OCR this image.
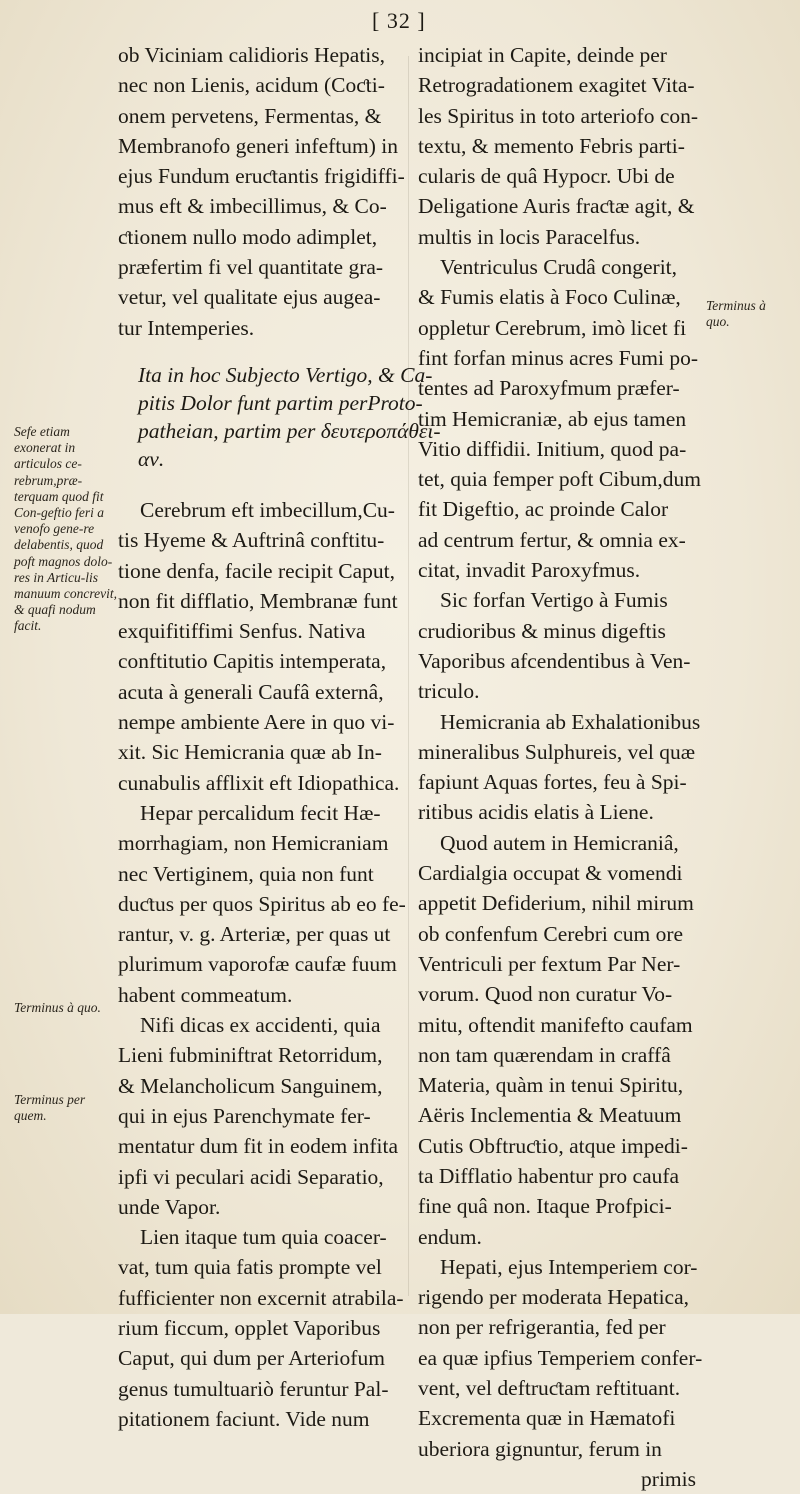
[ 32 ]
ob Viciniam calidioris Hepatis,
nec non Lienis, acidum (Coƈti-
onem pervetens, Fermentas, &
Membranofo generi infeftum) in
ejus Fundum eruƈtantis frigidiffi-
mus eft & imbecillimus, & Co-
ƈtionem nullo modo adimplet,
præfertim fi vel quantitate gra-
vetur, vel qualitate ejus augea-
tur Intemperies.
Ita in hoc Subjecto Vertigo, & Ca-
pitis Dolor funt partim perProto-
patheian, partim per δευτεροπάθει-
αν.
Cerebrum eft imbecillum,Cu-
tis Hyeme & Auftrinâ conftitu-
tione denfa, facile recipit Caput,
non fit difflatio, Membranæ funt
exquifitiffimi Senfus. Nativa
conftitutio Capitis intemperata,
acuta à generali Caufâ externâ,
nempe ambiente Aere in quo vi-
xit. Sic Hemicrania quæ ab In-
cunabulis afflixit eft Idiopathica.
Hepar percalidum fecit Hæ-
morrhagiam, non Hemicraniam
nec Vertiginem, quia non funt
duƈtus per quos Spiritus ab eo fe-
rantur, v. g. Arteriæ, per quas ut
plurimum vaporofæ caufæ fuum
habent commeatum.
Nifi dicas ex accidenti, quia
Lieni fubminiftrat Retorridum,
& Melancholicum Sanguinem,
qui in ejus Parenchymate fer-
mentatur dum fit in eodem infita
ipfi vi peculari acidi Separatio,
unde Vapor.
Lien itaque tum quia coacer-
vat, tum quia fatis prompte vel
fufficienter non excernit atrabila-
rium ficcum, opplet Vaporibus
Caput, qui dum per Arteriofum
genus tumultuariò feruntur Pal-
pitationem faciunt. Vide num
incipiat in Capite, deinde per
Retrogradationem exagitet Vita-
les Spiritus in toto arteriofo con-
textu, & memento Febris parti-
cularis de quâ Hypocr. Ubi de
Deligatione Auris fraƈtæ agit, &
multis in locis Paracelfus.
Ventriculus Crudâ congerit,
& Fumis elatis à Foco Culinæ,
oppletur Cerebrum, imò licet fi
fint forfan minus acres Fumi po-
tentes ad Paroxyfmum præfer-
tim Hemicraniæ, ab ejus tamen
Vitio diffidii. Initium, quod pa-
tet, quia femper poft Cibum,dum
fit Digeftio, ac proinde Calor
ad centrum fertur, & omnia ex-
citat, invadit Paroxyfmus.
Sic forfan Vertigo à Fumis
crudioribus & minus digeftis
Vaporibus afcendentibus à Ven-
triculo.
Hemicrania ab Exhalationibus
mineralibus Sulphureis, vel quæ
fapiunt Aquas fortes, feu à Spi-
ritibus acidis elatis à Liene.
Quod autem in Hemicraniâ,
Cardialgia occupat & vomendi
appetit Defiderium, nihil mirum
ob confenfum Cerebri cum ore
Ventriculi per fextum Par Ner-
vorum. Quod non curatur Vo-
mitu, oftendit manifefto caufam
non tam quærendam in craffâ
Materia, quàm in tenui Spiritu,
Aëris Inclementia & Meatuum
Cutis Obftruƈtio, atque impedi-
ta Difflatio habentur pro caufa
fine quâ non. Itaque Profpici-
endum.
Hepati, ejus Intemperiem cor-
rigendo per moderata Hepatica,
non per refrigerantia, fed per
ea quæ ipfius Temperiem confer-
vent, vel deftruƈtam reftituant.
Excrementa quæ in Hæmatofi
uberiora gignuntur, ferum in
primis
Sefe etiam exonerat in articulos ce-rebrum,præ-terquam quod fit Con-geftio feri a venofo gene-re delabentis, quod poft magnos dolo-res in Articu-lis manuum concrevit, & quafi nodum facit.
Terminus à quo.
Terminus per quem.
Terminus à quo.
